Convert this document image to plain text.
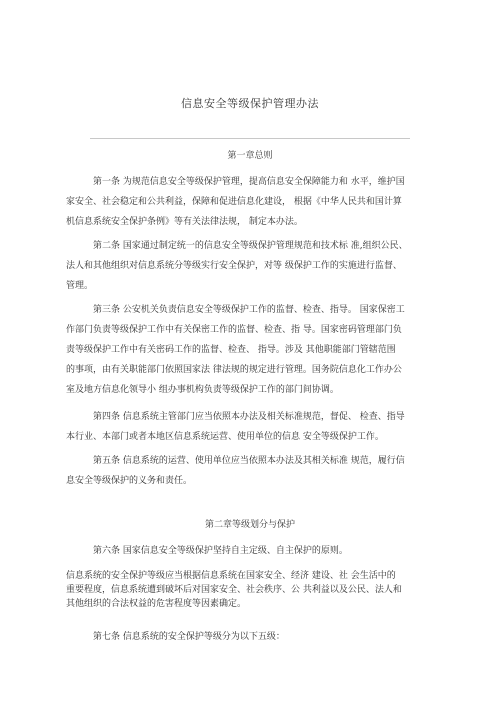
信息安全等级保护管理办法
第一章总则
第一条 为规范信息安全等级保护管理，提高信息安全保障能力和 水平，维护国
家安全、社会稳定和公共利益，保障和促进信息化建设， 根据《中华人民共和国计算
机信息系统安全保护条例》等有关法律法规， 制定本办法。
第二条 国家通过制定统一的信息安全等级保护管理规范和技术标 准,组织公民、
法人和其他组织对信息系统分等级实行安全保护，对等 级保护工作的实施进行监督、
管理。
第三条 公安机关负责信息安全等级保护工作的监督、检查、指导。 国家保密工
作部门负责等级保护工作中有关保密工作的监督、检查、指 导。国家密码管理部门负
责等级保护工作中有关密码工作的监督、检查、 指导。涉及 其他职能部门管辖范围
的事项，由有关职能部门依照国家法 律法规的规定进行管理。国务院信息化工作办公
室及地方信息化领导小 组办事机构负责等级保护工作的部门间协调。
第四条 信息系统主管部门应当依照本办法及相关标准规范，督促、 检查、指导
本行业、本部门或者本地区信息系统运营、使用单位的信息 安全等级保护工作。
第五条 信息系统的运营、使用单位应当依照本办法及其相关标准 规范，履行信
息安全等级保护的义务和责任。
第二章等级划分与保护
第六条 国家信息安全等级保护坚持自主定级、自主保护的原则。
信息系统的安全保护等级应当根据信息系统在国家安全、经济 建设、社 会生活中的
重要程度，信息系统遭到破坏后对国家安全、社会秩序、公 共利益以及公民、法人和
其他组织的合法权益的危害程度等因素确定。
第七条 信息系统的安全保护等级分为以下五级：
